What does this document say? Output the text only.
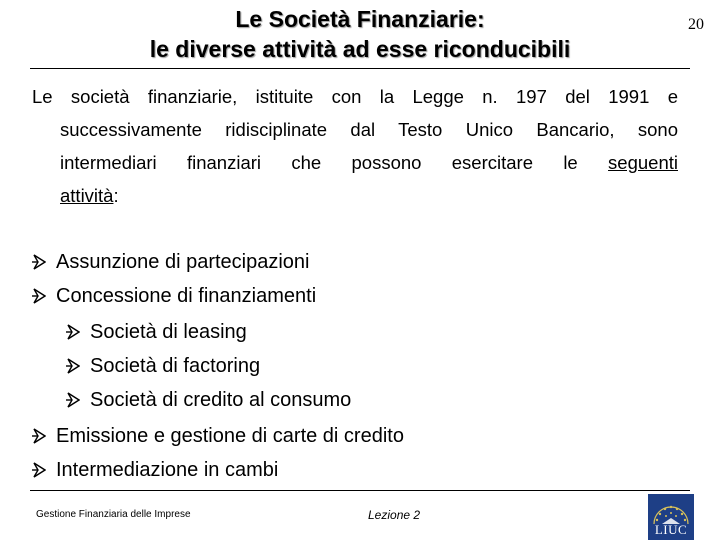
Le Società Finanziarie:
le diverse attività ad esse riconducibili
20
Le società finanziarie, istituite con la Legge n. 197 del 1991 e
successivamente ridisciplinate dal Testo Unico Bancario, sono
intermediari finanziari che possono esercitare le seguenti
attività:
Assunzione di partecipazioni
Concessione di finanziamenti
Società di leasing
Società di factoring
Società di credito al consumo
Emissione e gestione di carte di credito
Intermediazione in cambi
Gestione Finanziaria delle Imprese	Lezione 2
LIUC
